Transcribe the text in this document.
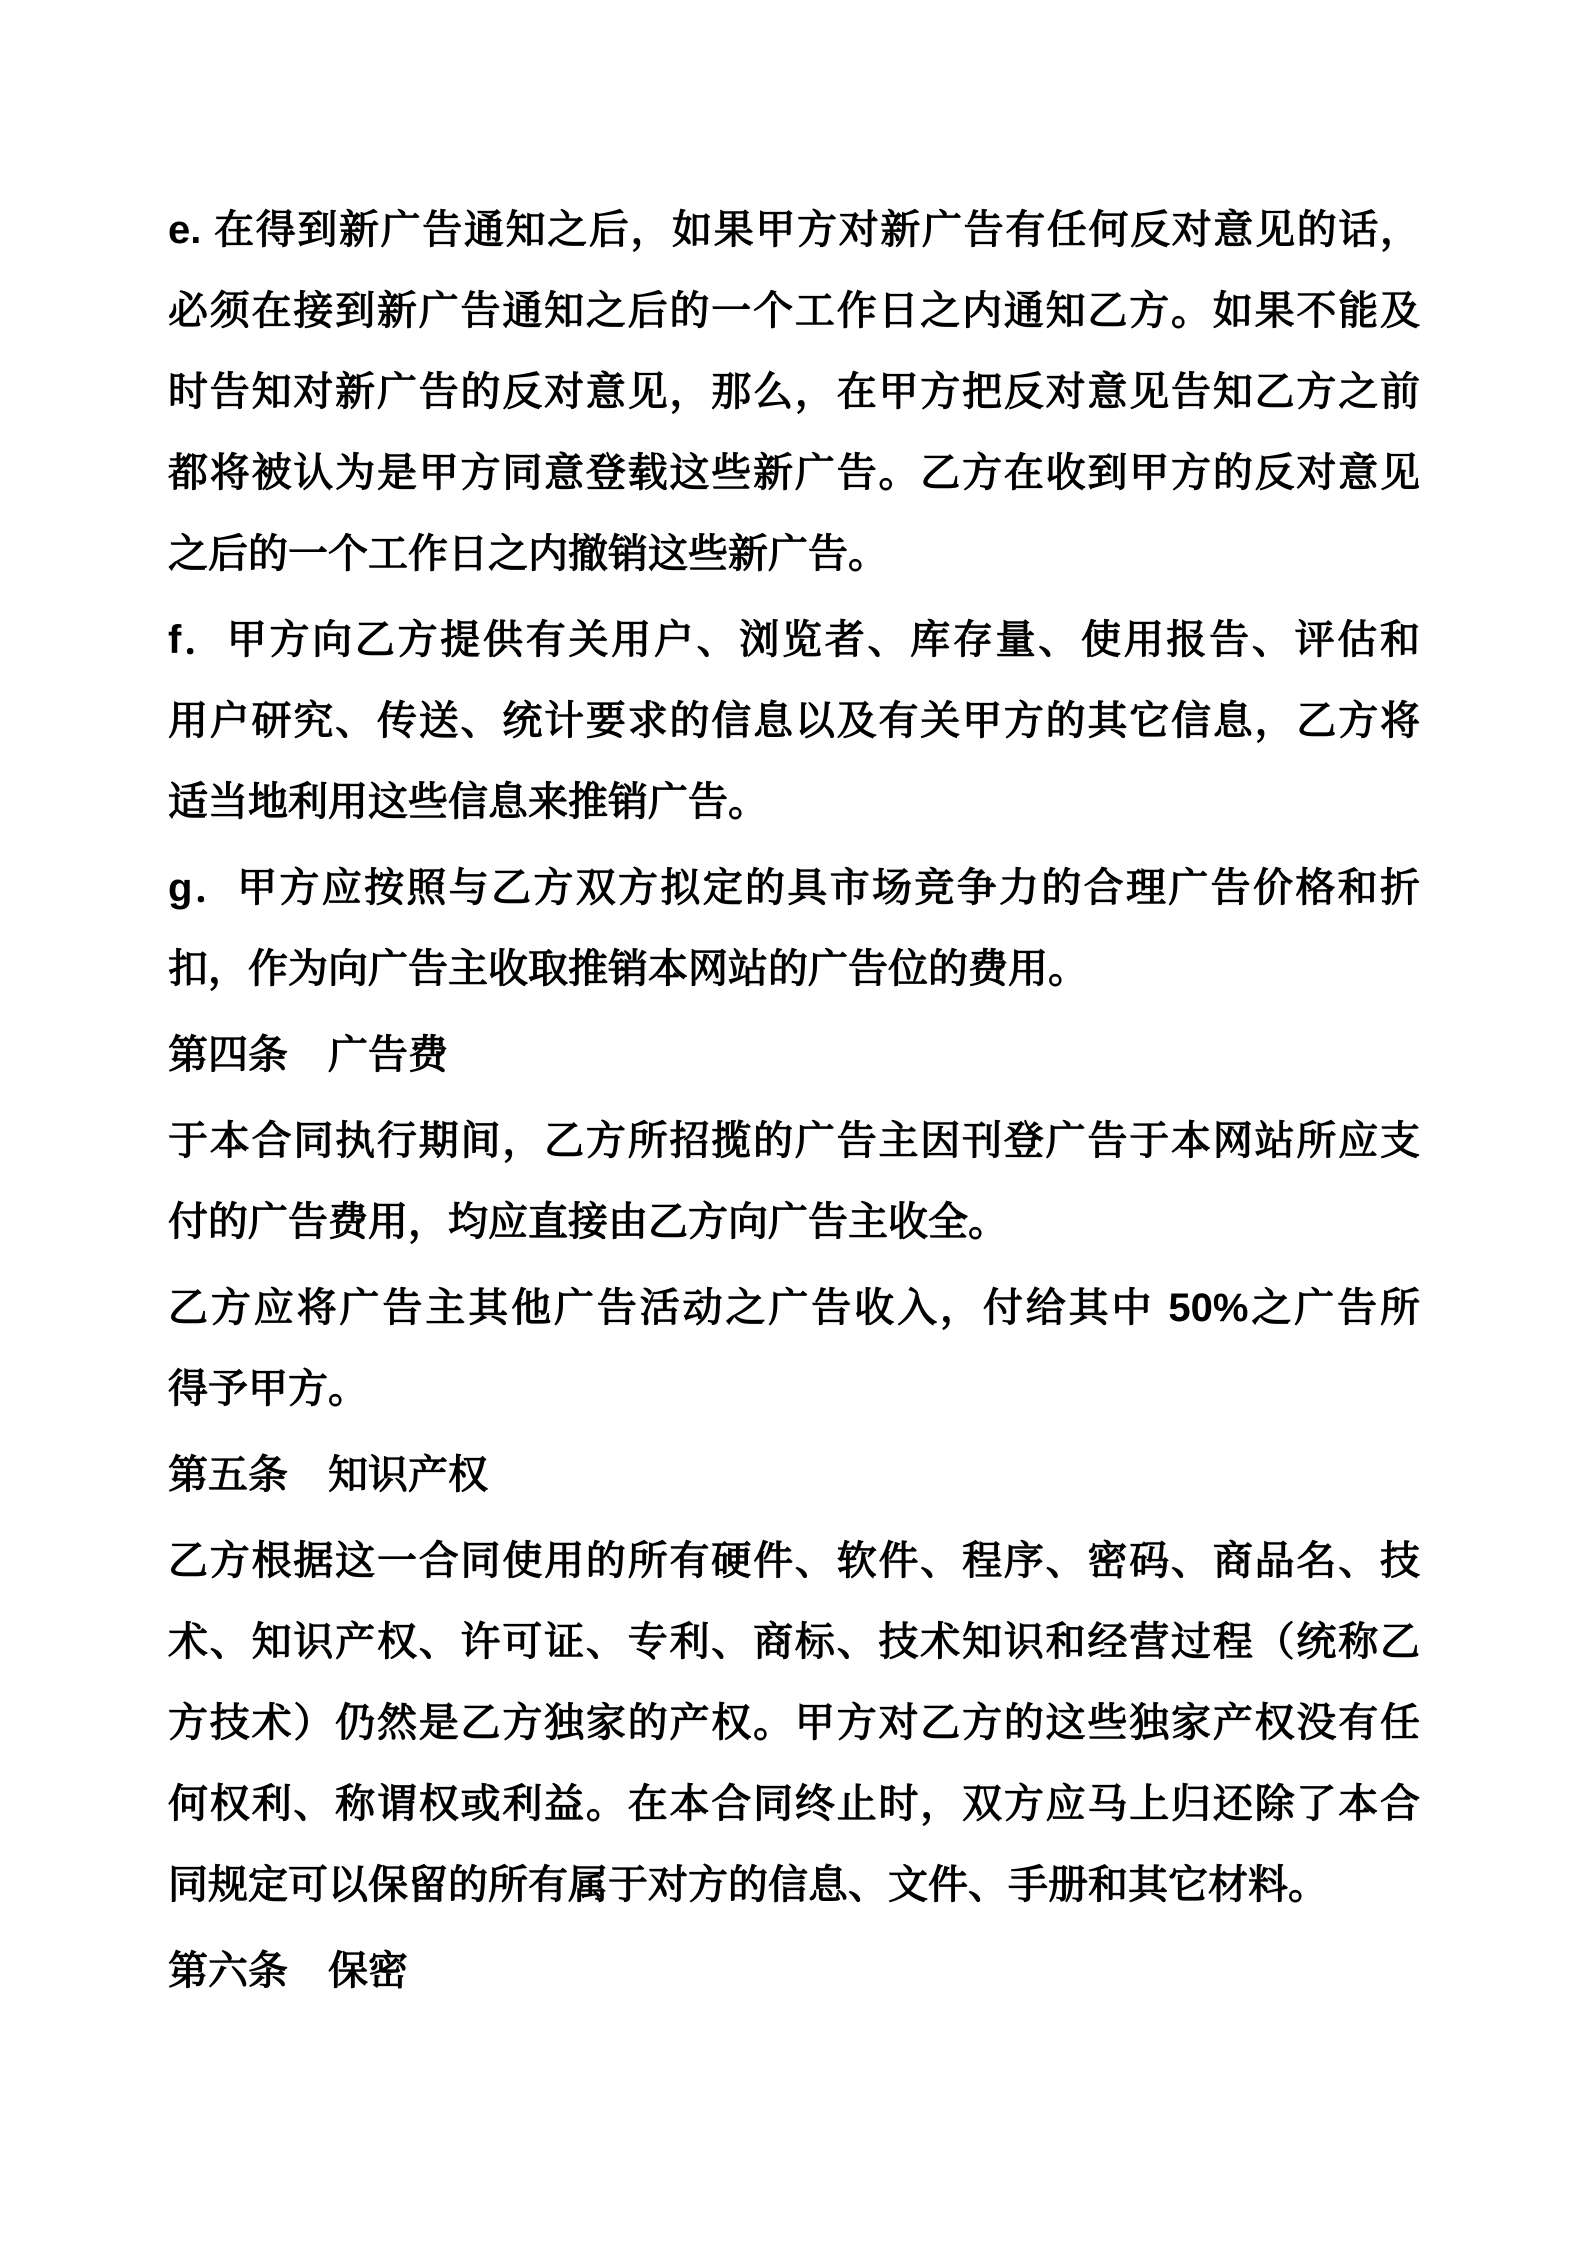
e. 在得到新广告通知之后，如果甲方对新广告有任何反对意见的话，
必须在接到新广告通知之后的一个工作日之内通知乙方。如果不能及
时告知对新广告的反对意见，那么，在甲方把反对意见告知乙方之前
都将被认为是甲方同意登载这些新广告。乙方在收到甲方的反对意见
之后的一个工作日之内撤销这些新广告。
f．甲方向乙方提供有关用户、浏览者、库存量、使用报告、评估和
用户研究、传送、统计要求的信息以及有关甲方的其它信息，乙方将
适当地利用这些信息来推销广告。
g．甲方应按照与乙方双方拟定的具市场竞争力的合理广告价格和折
扣，作为向广告主收取推销本网站的广告位的费用。
第四条　广告费
于本合同执行期间，乙方所招揽的广告主因刊登广告于本网站所应支
付的广告费用，均应直接由乙方向广告主收全。
乙方应将广告主其他广告活动之广告收入，付给其中 50%之广告所
得予甲方。
第五条　知识产权
乙方根据这一合同使用的所有硬件、软件、程序、密码、商品名、技
术、知识产权、许可证、专利、商标、技术知识和经营过程（统称乙
方技术）仍然是乙方独家的产权。甲方对乙方的这些独家产权没有任
何权利、称谓权或利益。在本合同终止时，双方应马上归还除了本合
同规定可以保留的所有属于对方的信息、文件、手册和其它材料。
第六条　保密
